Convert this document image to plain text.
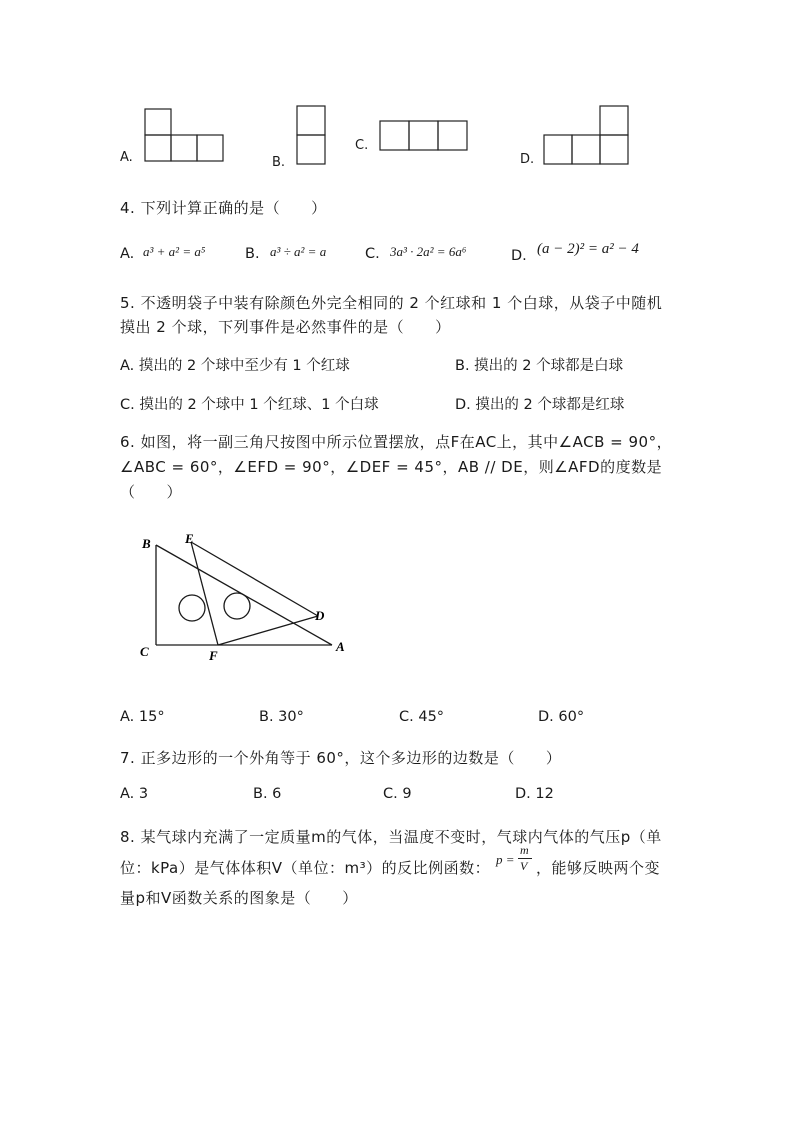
A.	B.
C.
D.
4. 下列计算正确的是（　　）
A. a³ + a² = a⁵	B. a³ ÷ a² = a	C. 3a³ · 2a² = 6a⁶	D. (a − 2)² = a² − 4
5. 不透明袋子中装有除颜色外完全相同的 2 个红球和 1 个白球，从袋子中随机
摸出 2 个球，下列事件是必然事件的是（　　）
A. 摸出的 2 个球中至少有 1 个红球	B. 摸出的 2 个球都是白球
C. 摸出的 2 个球中 1 个红球、1 个白球	D. 摸出的 2 个球都是红球
6. 如图，将一副三角尺按图中所示位置摆放，点F在AC上，其中∠ACB = 90°，
∠ABC = 60°，∠EFD = 90°，∠DEF = 45°，AB // DE，则∠AFD的度数是
（　　）
B	E
D
C	F
A
A. 15°	B. 30°	C. 45°	D. 60°
7. 正多边形的一个外角等于 60°，这个多边形的边数是（　　）
A. 3	B. 6	C. 9	D. 12
8. 某气球内充满了一定质量m的气体，当温度不变时，气球内气体的气压p（单
位：kPa）是气体体积V（单位：m³）的反比例函数： p =
m
V ，能够反映两个变
量p和V函数关系的图象是（　　）
